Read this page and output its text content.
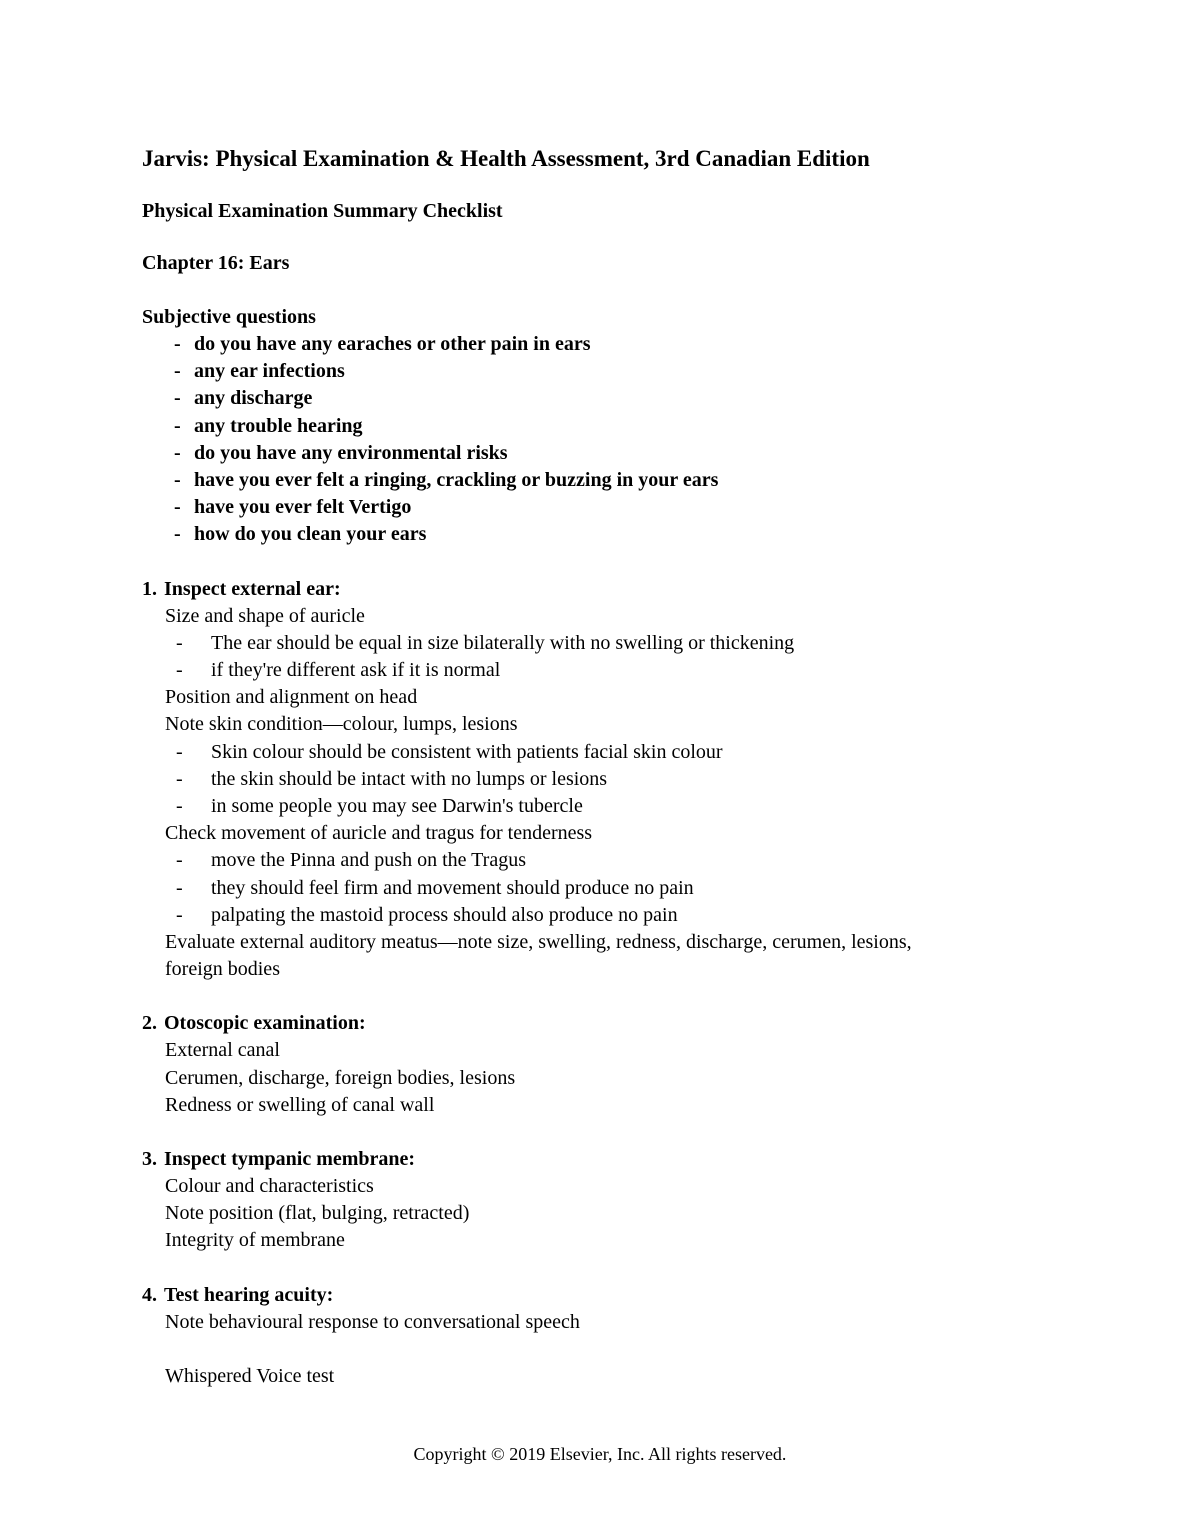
Jarvis: Physical Examination & Health Assessment, 3rd Canadian Edition
Physical Examination Summary Checklist
Chapter 16: Ears
Subjective questions
- do you have any earaches or other pain in ears
- any ear infections
- any discharge
- any trouble hearing
- do you have any environmental risks
- have you ever felt a ringing, crackling or buzzing in your ears
- have you ever felt Vertigo
- how do you clean your ears
1. Inspect external ear:
Size and shape of auricle
- The ear should be equal in size bilaterally with no swelling or thickening
- if they're different ask if it is normal
Position and alignment on head
Note skin condition—colour, lumps, lesions
- Skin colour should be consistent with patients facial skin colour
- the skin should be intact with no lumps or lesions
- in some people you may see Darwin's tubercle
Check movement of auricle and tragus for tenderness
- move the Pinna and push on the Tragus
- they should feel firm and movement should produce no pain
- palpating the mastoid process should also produce no pain
Evaluate external auditory meatus—note size, swelling, redness, discharge, cerumen, lesions,
foreign bodies
2. Otoscopic examination:
External canal
Cerumen, discharge, foreign bodies, lesions
Redness or swelling of canal wall
3. Inspect tympanic membrane:
Colour and characteristics
Note position (flat, bulging, retracted)
Integrity of membrane
4. Test hearing acuity:
Note behavioural response to conversational speech
Whispered Voice test
Copyright © 2019 Elsevier, Inc. All rights reserved.
